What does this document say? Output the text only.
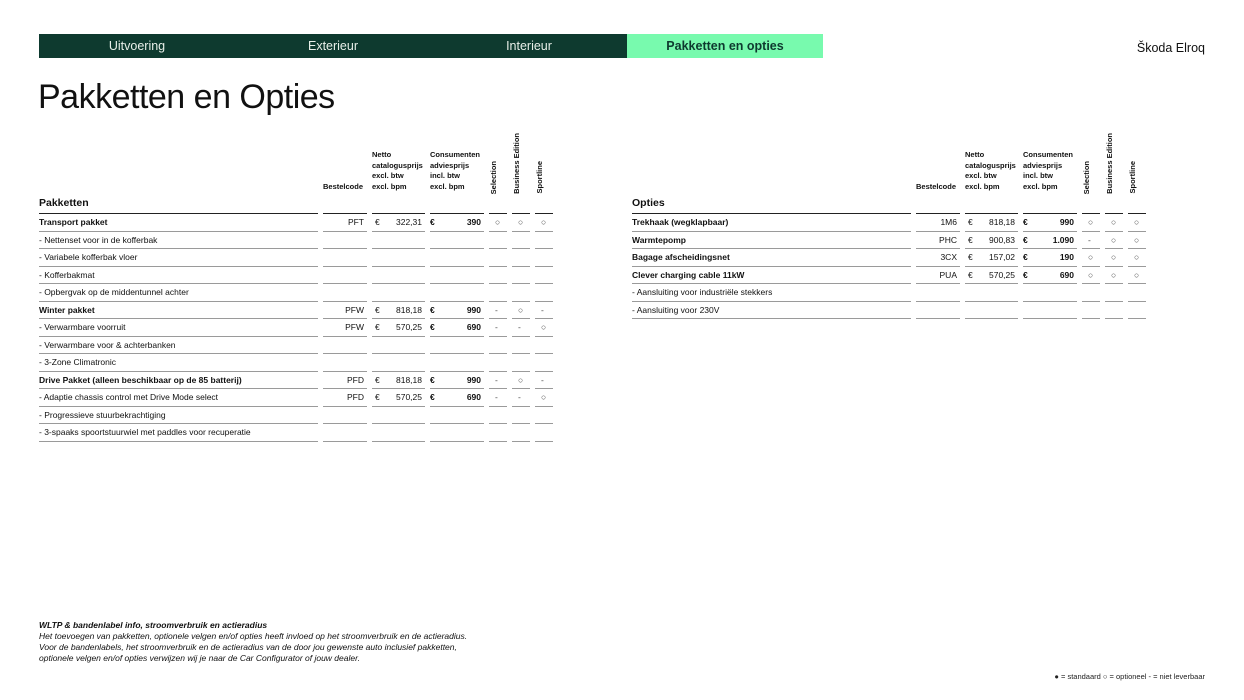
Uitvoering	Exterieur	Interieur	Pakketten en opties	Škoda Elroq
Pakketten en Opties
Bestelcode
Netto
catalogusprijs
excl. btw
excl. bpm
Consumenten
adviesprijs
incl. btw
excl. bpm	Selection	Business Edition	Sportline
Pakketten
Transport pakket	PFT	€ 322,31 €	390	○	○	○
- Nettenset voor in de kofferbak
- Variabele kofferbak vloer
- Kofferbakmat
- Opbergvak op de middentunnel achter
Winter pakket	PFW	€ 818,18 €	990	-	○	-
- Verwarmbare voorruit	PFW	€ 570,25 €	690	-	-	○
- Verwarmbare voor & achterbanken
- 3-Zone Climatronic
Drive Pakket (alleen beschikbaar op de 85 batterij)	PFD	€ 818,18 €	990	-	○	-
- Adaptie chassis control met Drive Mode select	PFD	€ 570,25 €	690	-	-	○
- Progressieve stuurbekrachtiging
- 3-spaaks spoortstuurwiel met paddles voor recuperatie
Bestelcode
Netto
catalogusprijs
excl. btw
excl. bpm
Consumenten
adviesprijs
incl. btw
excl. bpm	Selection	Business Edition	Sportline
Opties
Trekhaak (wegklapbaar)	1M6	€ 818,18 €	990	○	○	○
Warmtepomp	PHC	€ 900,83 €	1.090	-	○	○
Bagage afscheidingsnet	3CX	€ 157,02 €	190	○	○	○
Clever charging cable 11kW	PUA	€ 570,25 €	690	○	○	○
- Aansluiting voor industriële stekkers
- Aansluiting voor 230V
WLTP & bandenlabel info, stroomverbruik en actieradius
Het toevoegen van pakketten, optionele velgen en/of opties heeft invloed op het stroomverbruik en de actieradius.
Voor de bandenlabels, het stroomverbruik en de actieradius van de door jou gewenste auto inclusief pakketten,
optionele velgen en/of opties verwijzen wij je naar de Car Configurator of jouw dealer.
● = standaard ○ = optioneel - = niet leverbaar
